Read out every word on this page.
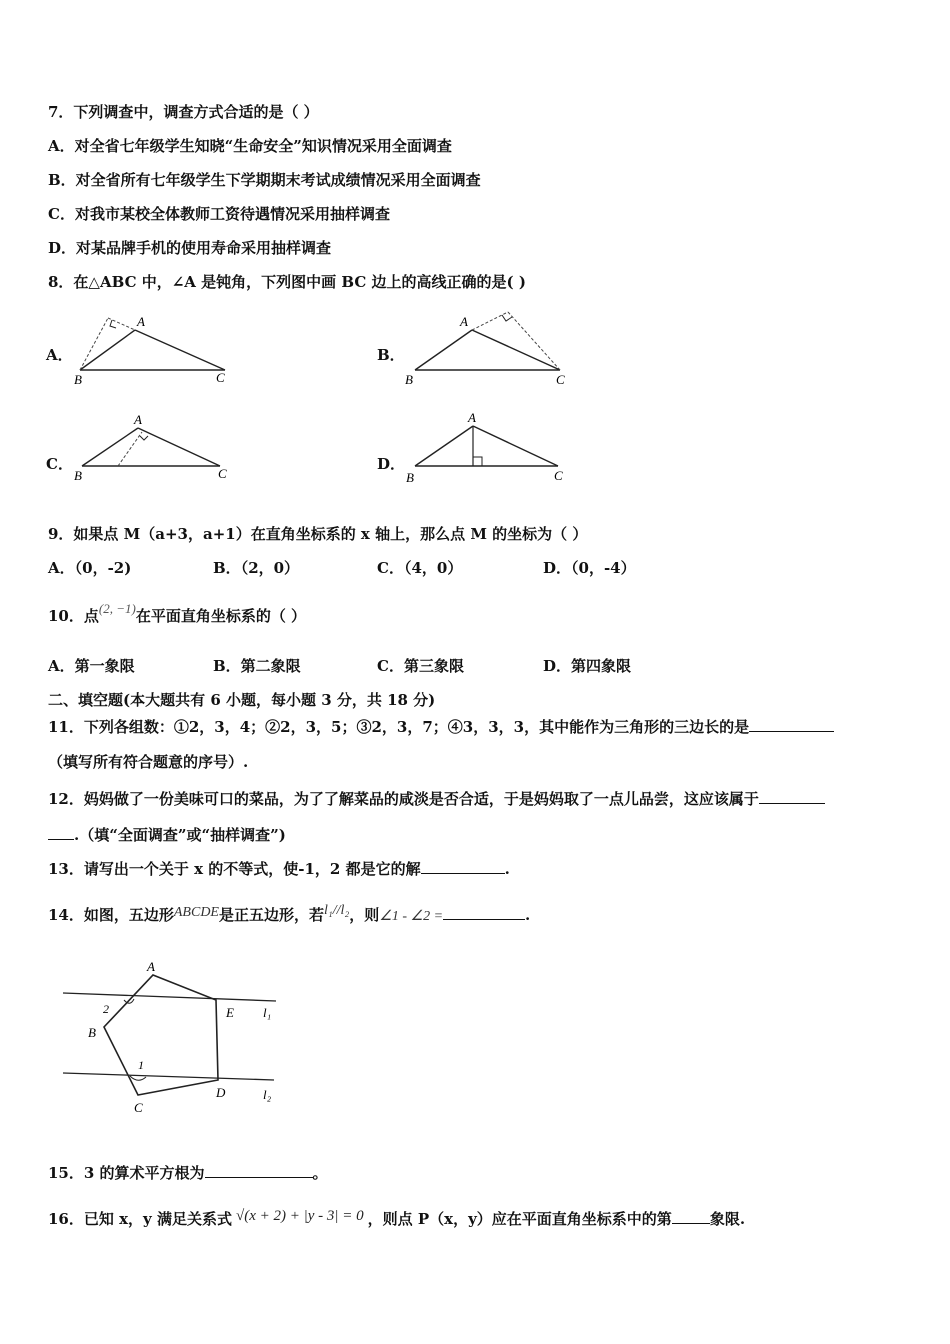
7．下列调查中，调查方式合适的是（ ）
A．对全省七年级学生知晓“生命安全”知识情况采用全面调查
B．对全省所有七年级学生下学期期末考试成绩情况采用全面调查
C．对我市某校全体教师工资待遇情况采用抽样调查
D．对某品牌手机的使用寿命采用抽样调查
8．在△ABC 中，∠A 是钝角，下列图中画 BC 边上的高线正确的是( )
A．
A
B	C
B．
A
B	C
C．
A
B	C
D．
A
B	C
9．如果点 M（a+3，a+1）在直角坐标系的 x 轴上，那么点 M 的坐标为（ ）
A．（0，-2)	B．（2，0）	C．（4，0）	D．（0，-4）
10．点(2, −1)在平面直角坐标系的（ ）
A．第一象限	B．第二象限	C．第三象限	D．第四象限
二、填空题(本大题共有 6 小题，每小题 3 分，共 18 分)
11．下列各组数：①2，3，4；②2，3，5；③2，3，7；④3，3，3，其中能作为三角形的三边长的是
（填写所有符合题意的序号）.
12．妈妈做了一份美味可口的菜品，为了了解菜品的咸淡是否合适，于是妈妈取了一点儿品尝，这应该属于
.（填“全面调查”或“抽样调查”)
13．请写出一个关于 x 的不等式，使-1，2 都是它的解	.
14．如图，五边形ABCDE是正五边形，若l₁//l₂，则∠1 - ∠2 =	.
A
B
C
D
E
1
2	l₁
l₂
15．3 的算术平方根为	。
16．已知 x，y 满足关系式 √(x + 2) + |y - 3| = 0 ，则点 P（x，y）应在平面直角坐标系中的第	象限.
